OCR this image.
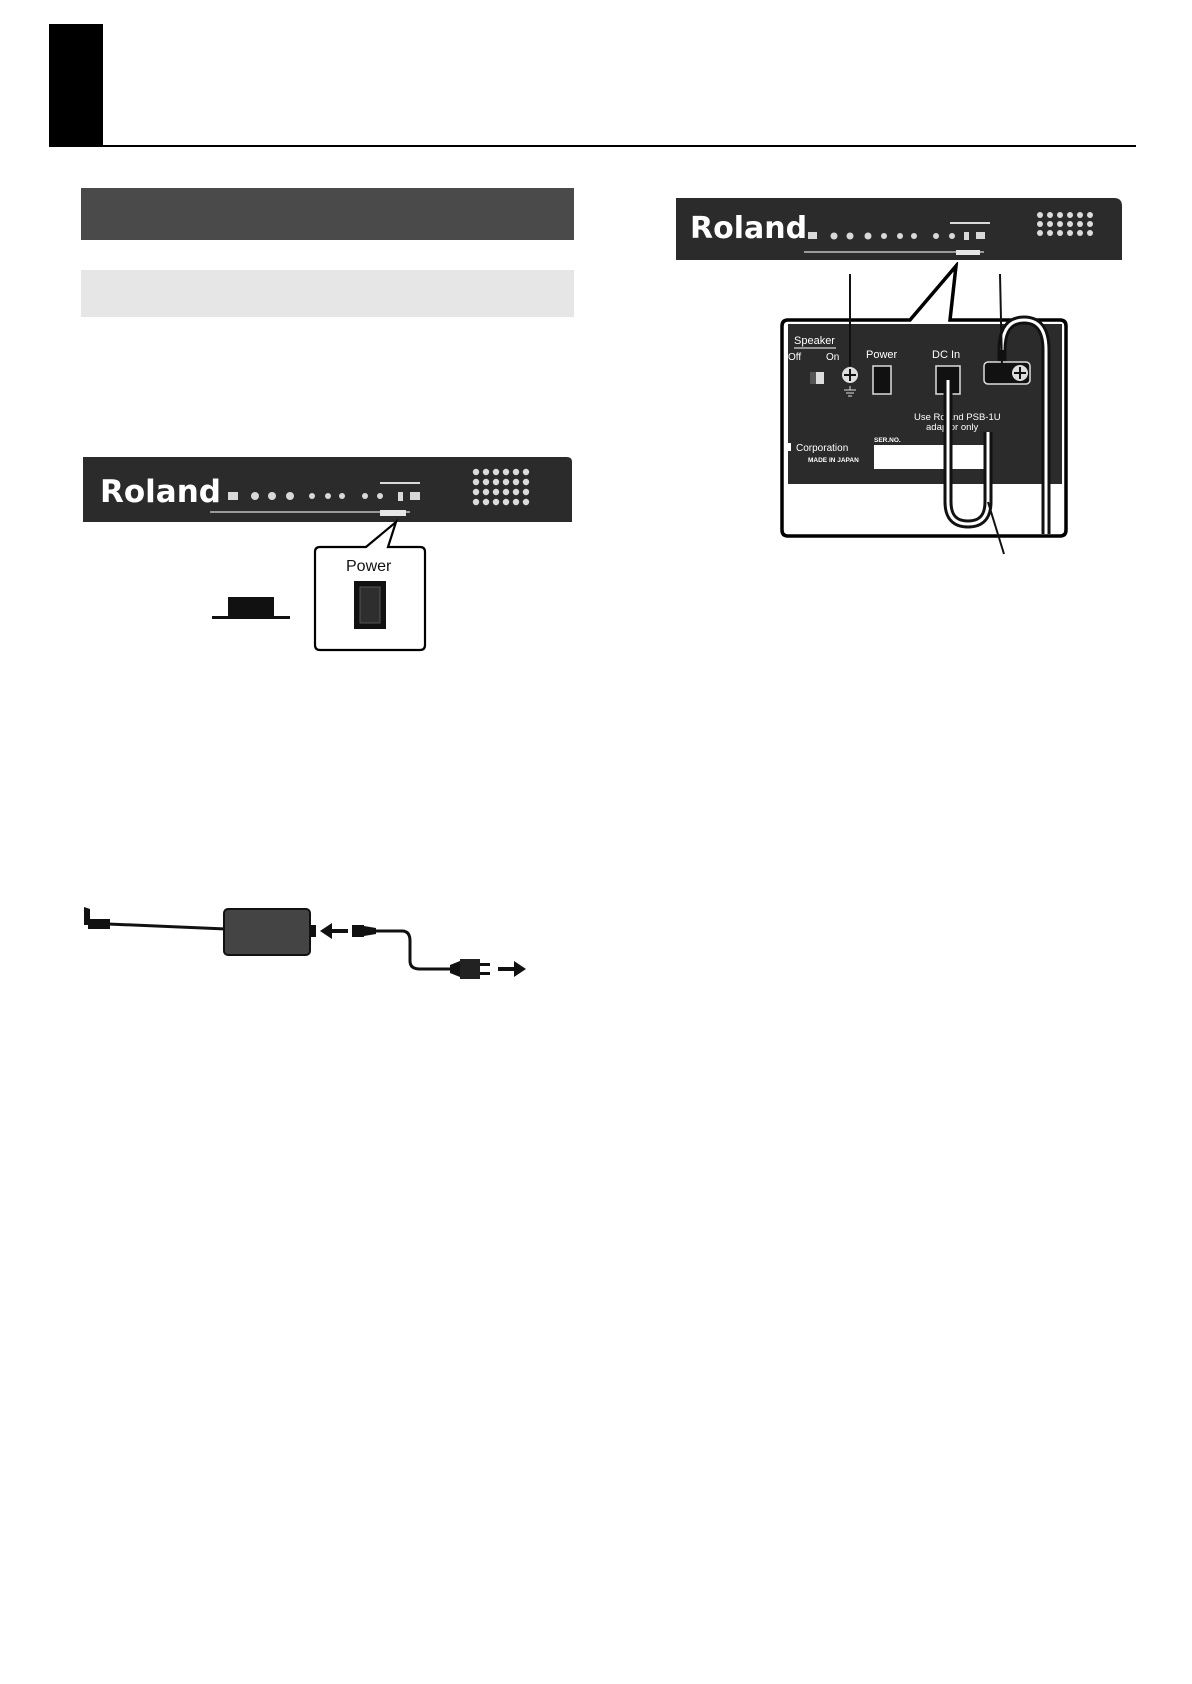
Roland
Power
Roland
Speaker
Off On Power	DC In
Use Roland PSB-1U
adaptor only
Corporation
MADE IN JAPAN
SER.NO.
